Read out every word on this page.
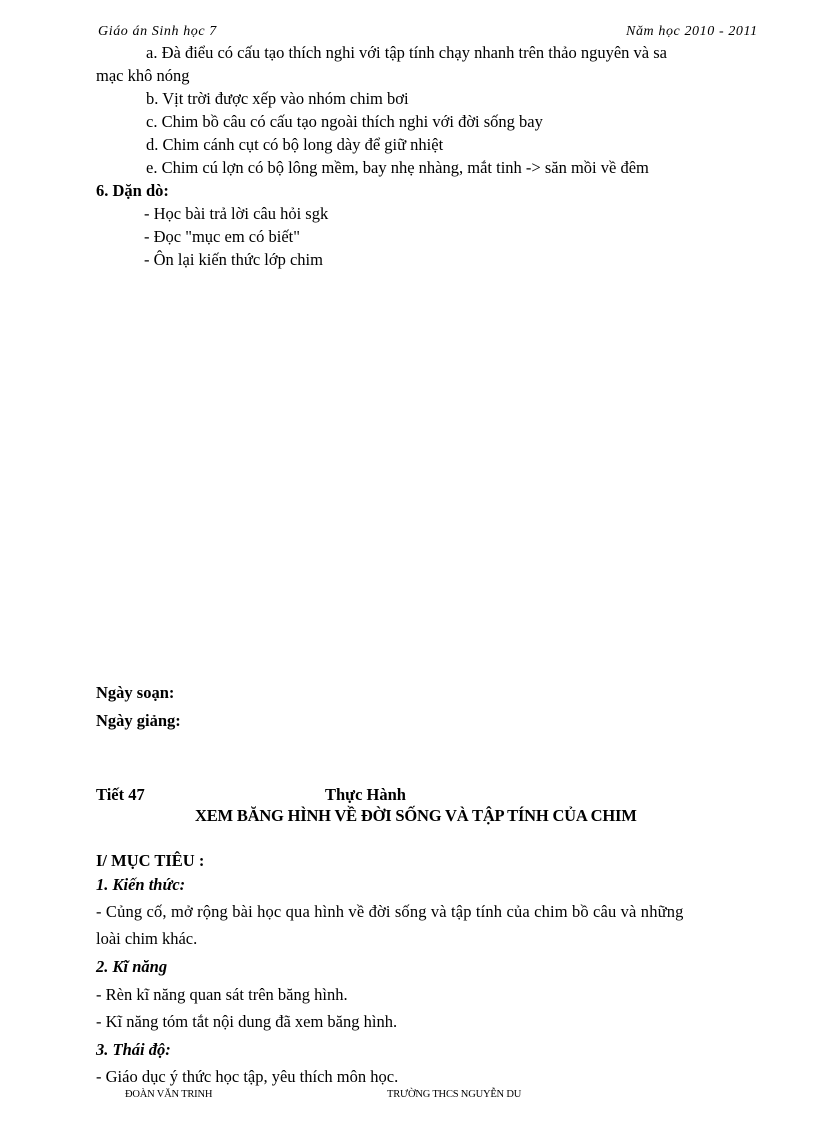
Giáo án Sinh học 7	Năm học 2010 - 2011
a. Đà điểu có cấu tạo thích nghi với tập tính chạy nhanh trên thảo nguyên và sa
mạc khô nóng
b. Vịt trời được xếp vào nhóm chim bơi
c. Chim bồ câu có cấu tạo ngoài thích nghi với đời sống bay
d. Chim cánh cụt có bộ long dày để giữ nhiệt
e. Chim cú lợn có bộ lông mềm, bay nhẹ nhàng, mắt tinh -> săn mồi về đêm
6. Dặn dò:
- Học bài trả lời câu hỏi sgk
- Đọc "mục em có biết"
- Ôn lại kiến thức lớp chim
Ngày soạn:
Ngày giảng:
Tiết 47	Thực Hành
XEM BĂNG HÌNH VỀ ĐỜI SỐNG VÀ TẬP TÍNH CỦA CHIM
I/ MỤC TIÊU :
1. Kiến thức:
- Củng cố, mở rộng bài học qua hình về đời sống và tập tính của chim bồ câu và những
loài chim khác.
2. Kĩ năng
- Rèn kĩ năng quan sát trên băng hình.
- Kĩ năng tóm tắt nội dung đã xem băng hình.
3. Thái độ:
- Giáo dục ý thức học tập, yêu thích môn học.
ĐOÀN VĂN TRINH	TRƯỜNG THCS NGUYỄN DU
